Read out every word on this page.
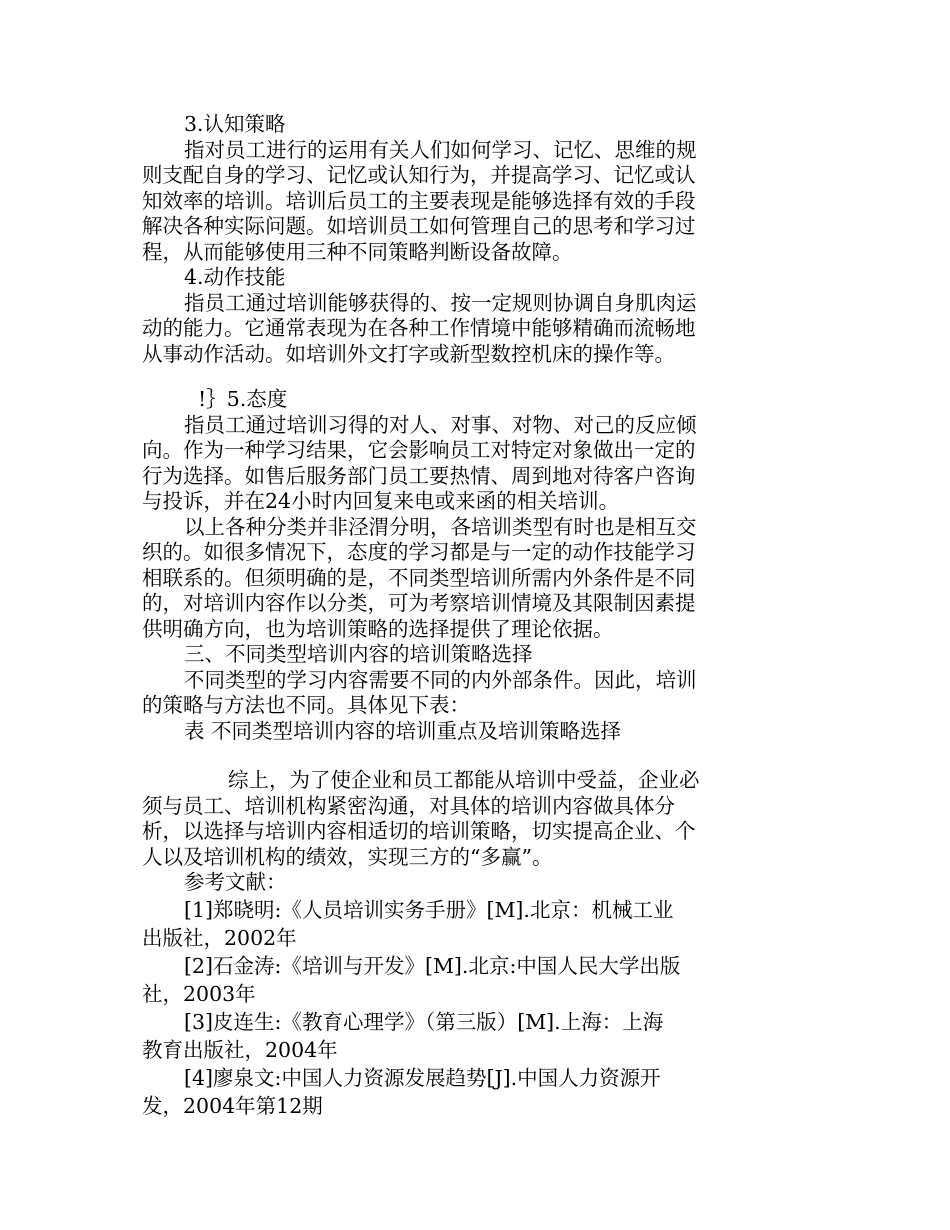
3.认知策略

指对员工进行的运用有关人们如何学习、记忆、思维的规

则支配自身的学习、记忆或认知行为，并提高学习、记忆或认

知效率的培训。培训后员工的主要表现是能够选择有效的手段

解决各种实际问题。如培训员工如何管理自己的思考和学习过

程，从而能够使用三种不同策略判断设备故障。

4.动作技能

指员工通过培训能够获得的、按一定规则协调自身肌肉运

动的能力。它通常表现为在各种工作情境中能够精确而流畅地

从事动作活动。如培训外文打字或新型数控机床的操作等。

!｝5.态度

指员工通过培训习得的对人、对事、对物、对己的反应倾

向。作为一种学习结果，它会影响员工对特定对象做出一定的

行为选择。如售后服务部门员工要热情、周到地对待客户咨询

与投诉，并在24小时内回复来电或来函的相关培训。

以上各种分类并非泾渭分明，各培训类型有时也是相互交

织的。如很多情况下，态度的学习都是与一定的动作技能学习

相联系的。但须明确的是，不同类型培训所需内外条件是不同

的，对培训内容作以分类，可为考察培训情境及其限制因素提

供明确方向，也为培训策略的选择提供了理论依据。

三、不同类型培训内容的培训策略选择

不同类型的学习内容需要不同的内外部条件。因此，培训

的策略与方法也不同。具体见下表：

表 不同类型培训内容的培训重点及培训策略选择

综上，为了使企业和员工都能从培训中受益，企业必

须与员工、培训机构紧密沟通，对具体的培训内容做具体分

析，以选择与培训内容相适切的培训策略，切实提高企业、个

人以及培训机构的绩效，实现三方的“多赢”。

参考文献：

[1]郑晓明:《人员培训实务手册》[M].北京：机械工业

出版社，2002年

[2]石金涛:《培训与开发》[M].北京:中国人民大学出版

社，2003年

[3]皮连生:《教育心理学》（第三版）[M].上海：上海

教育出版社，2004年

[4]廖泉文:中国人力资源发展趋势[J].中国人力资源开

发，2004年第12期
